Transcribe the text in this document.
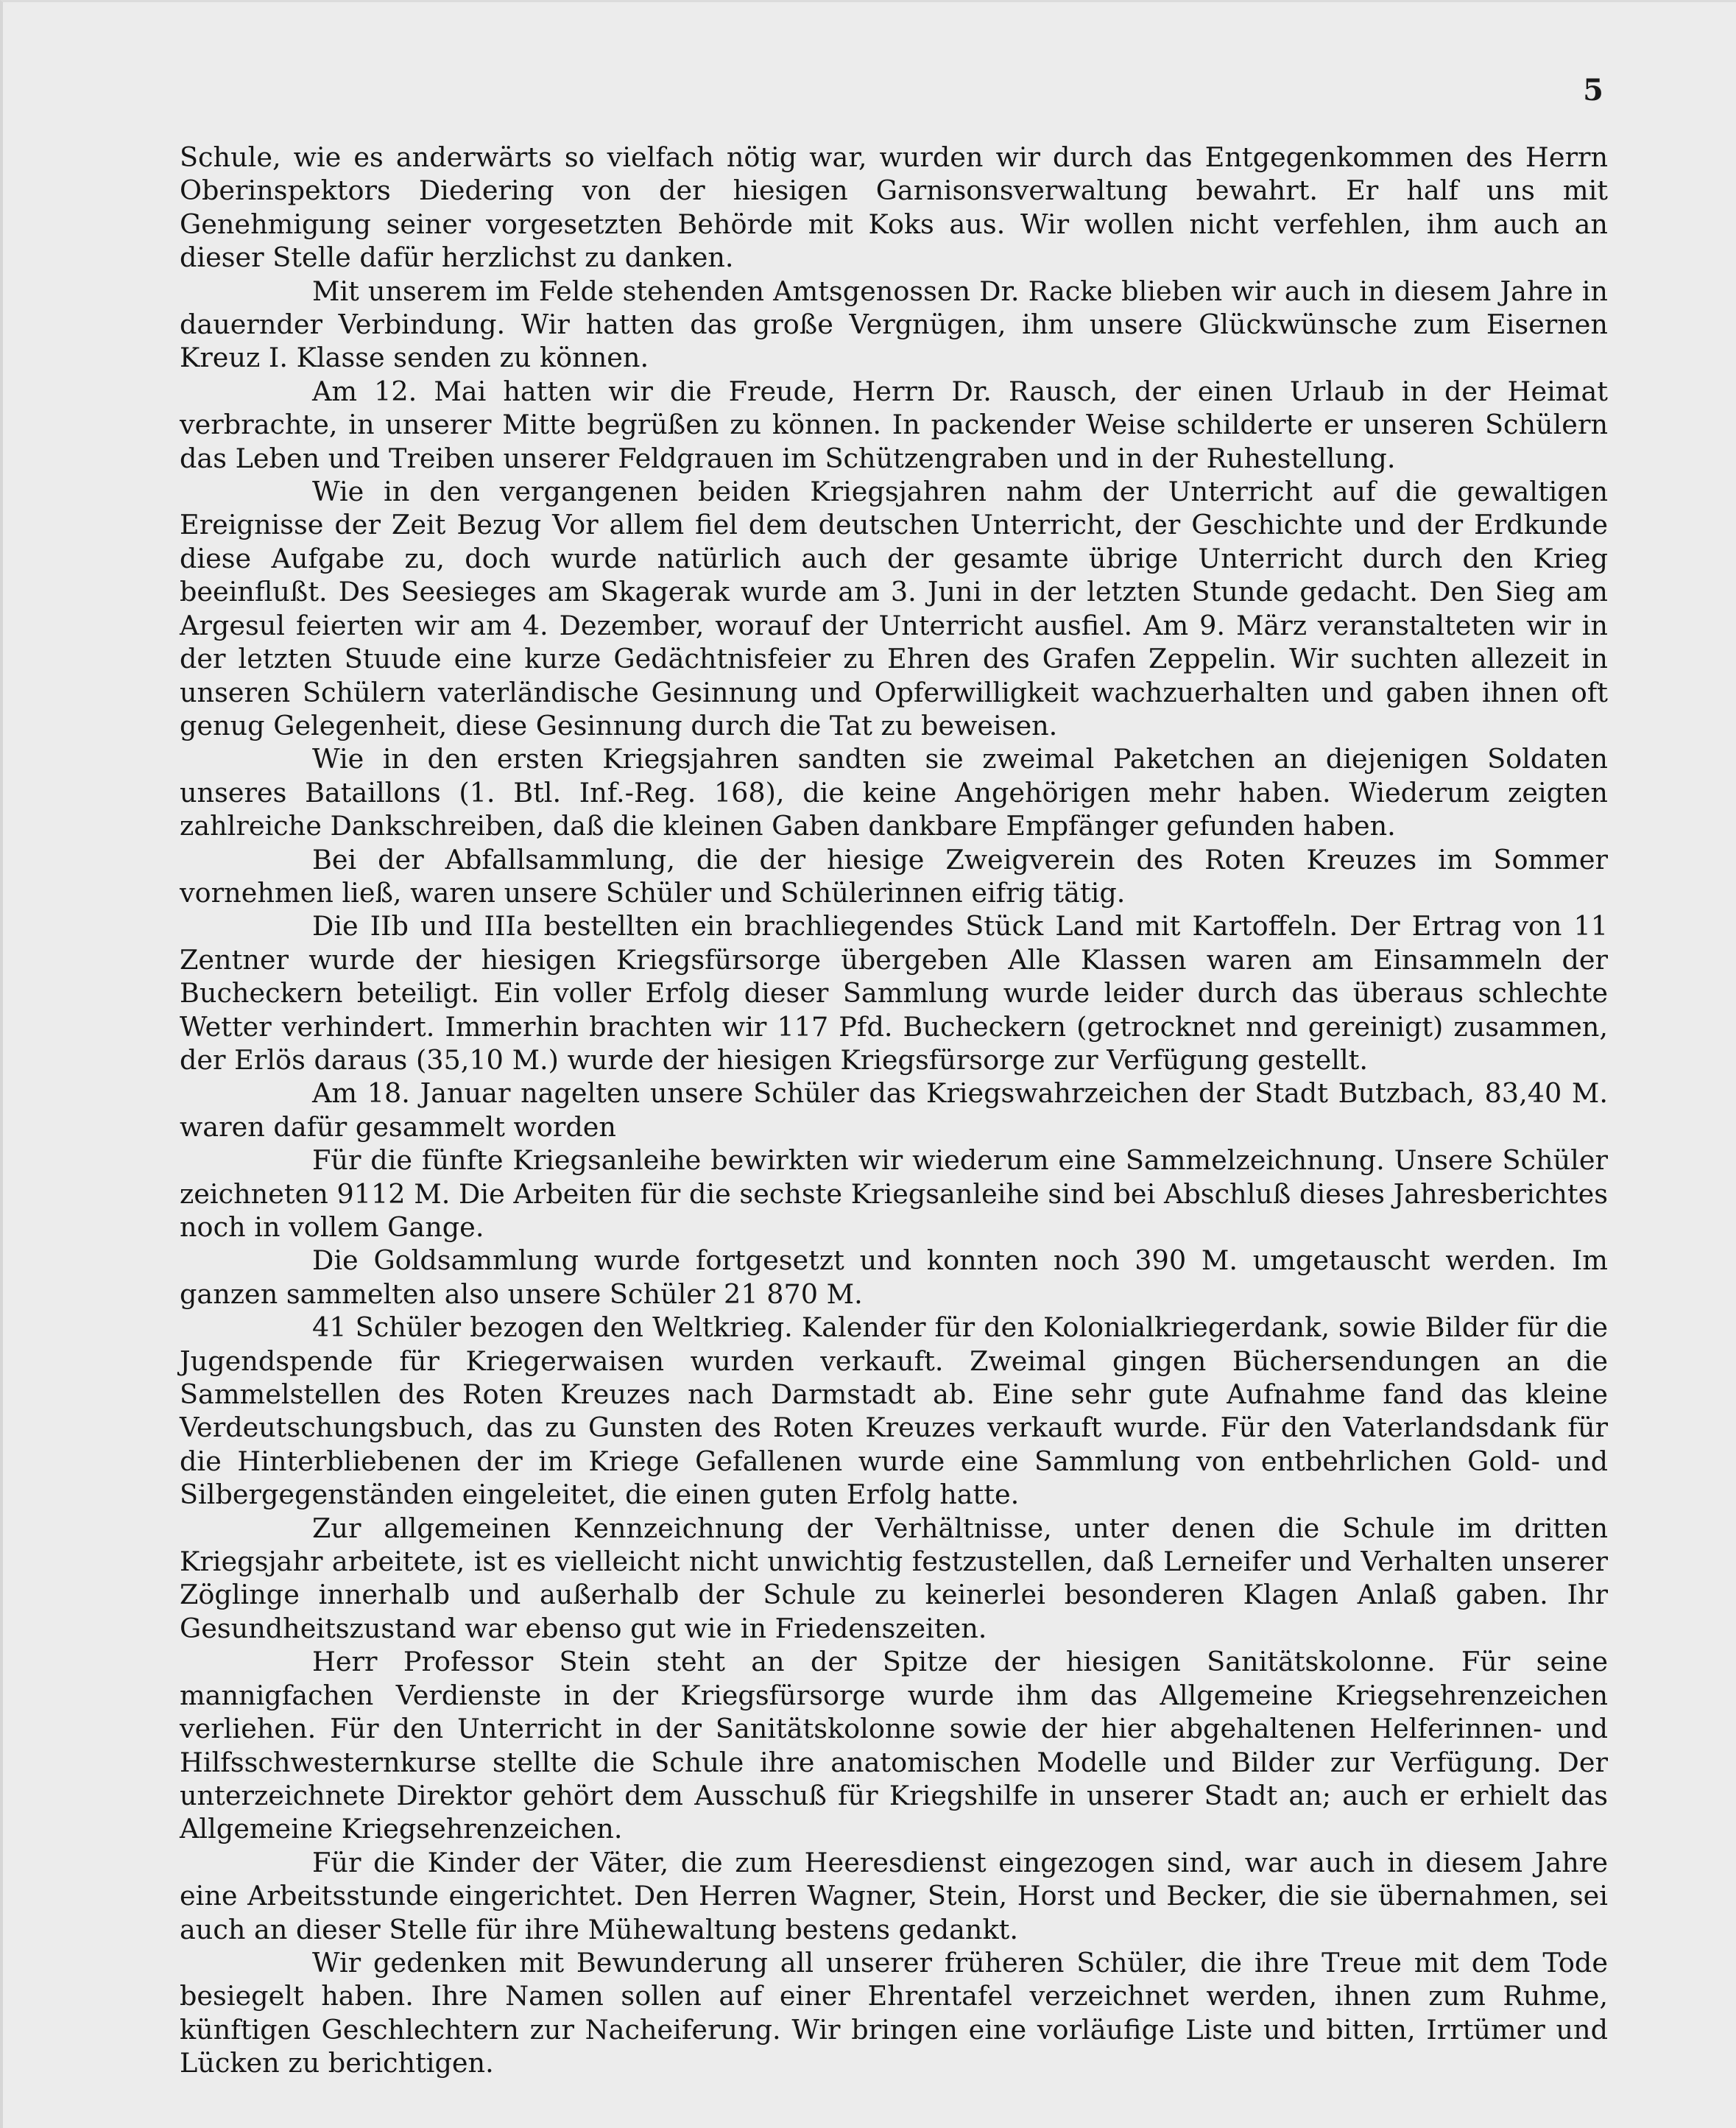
5

Schule, wie es anderwärts so vielfach nötig war, wurden wir durch das Entgegenkommen des Herrn Oberinspektors Diedering von der hiesigen Garnisonsverwaltung bewahrt. Er half uns mit Genehmigung seiner vorgesetzten Behörde mit Koks aus. Wir wollen nicht verfehlen, ihm auch an dieser Stelle dafür herzlichst zu danken.

Mit unserem im Felde stehenden Amtsgenossen Dr. Racke blieben wir auch in diesem Jahre in dauernder Verbindung. Wir hatten das große Vergnügen, ihm unsere Glückwünsche zum Eisernen Kreuz I. Klasse senden zu können.

Am 12. Mai hatten wir die Freude, Herrn Dr. Rausch, der einen Urlaub in der Heimat verbrachte, in unserer Mitte begrüßen zu können. In packender Weise schilderte er unseren Schülern das Leben und Treiben unserer Feldgrauen im Schützengraben und in der Ruhestellung.

Wie in den vergangenen beiden Kriegsjahren nahm der Unterricht auf die gewaltigen Ereignisse der Zeit Bezug Vor allem fiel dem deutschen Unterricht, der Geschichte und der Erdkunde diese Aufgabe zu, doch wurde natürlich auch der gesamte übrige Unterricht durch den Krieg beeinflußt. Des Seesieges am Skagerak wurde am 3. Juni in der letzten Stunde gedacht. Den Sieg am Argesul feierten wir am 4. Dezember, worauf der Unterricht ausfiel. Am 9. März veranstalteten wir in der letzten Stuude eine kurze Gedächtnisfeier zu Ehren des Grafen Zeppelin. Wir suchten allezeit in unseren Schülern vaterländische Gesinnung und Opferwilligkeit wachzuerhalten und gaben ihnen oft genug Gelegenheit, diese Gesinnung durch die Tat zu beweisen.

Wie in den ersten Kriegsjahren sandten sie zweimal Paketchen an diejenigen Soldaten unseres Bataillons (1. Btl. Inf.-Reg. 168), die keine Angehörigen mehr haben. Wiederum zeigten zahlreiche Dankschreiben, daß die kleinen Gaben dankbare Empfänger gefunden haben.

Bei der Abfallsammlung, die der hiesige Zweigverein des Roten Kreuzes im Sommer vornehmen ließ, waren unsere Schüler und Schülerinnen eifrig tätig.

Die IIb und IIIa bestellten ein brachliegendes Stück Land mit Kartoffeln. Der Ertrag von 11 Zentner wurde der hiesigen Kriegsfürsorge übergeben Alle Klassen waren am Einsammeln der Bucheckern beteiligt. Ein voller Erfolg dieser Sammlung wurde leider durch das überaus schlechte Wetter verhindert. Immerhin brachten wir 117 Pfd. Bucheckern (getrocknet nnd gereinigt) zusammen, der Erlös daraus (35,10 M.) wurde der hiesigen Kriegsfürsorge zur Verfügung gestellt.

Am 18. Januar nagelten unsere Schüler das Kriegswahrzeichen der Stadt Butzbach, 83,40 M. waren dafür gesammelt worden

Für die fünfte Kriegsanleihe bewirkten wir wiederum eine Sammelzeichnung. Unsere Schüler zeichneten 9112 M. Die Arbeiten für die sechste Kriegsanleihe sind bei Abschluß dieses Jahresberichtes noch in vollem Gange.

Die Goldsammlung wurde fortgesetzt und konnten noch 390 M. umgetauscht werden. Im ganzen sammelten also unsere Schüler 21 870 M.

41 Schüler bezogen den Weltkrieg. Kalender für den Kolonialkriegerdank, sowie Bilder für die Jugendspende für Kriegerwaisen wurden verkauft. Zweimal gingen Büchersendungen an die Sammelstellen des Roten Kreuzes nach Darmstadt ab. Eine sehr gute Aufnahme fand das kleine Verdeutschungsbuch, das zu Gunsten des Roten Kreuzes verkauft wurde. Für den Vaterlandsdank für die Hinterbliebenen der im Kriege Gefallenen wurde eine Sammlung von entbehrlichen Gold- und Silbergegenständen eingeleitet, die einen guten Erfolg hatte.

Zur allgemeinen Kennzeichnung der Verhältnisse, unter denen die Schule im dritten Kriegsjahr arbeitete, ist es vielleicht nicht unwichtig festzustellen, daß Lerneifer und Verhalten unserer Zöglinge innerhalb und außerhalb der Schule zu keinerlei besonderen Klagen Anlaß gaben. Ihr Gesundheitszustand war ebenso gut wie in Friedenszeiten.

Herr Professor Stein steht an der Spitze der hiesigen Sanitätskolonne. Für seine mannigfachen Verdienste in der Kriegsfürsorge wurde ihm das Allgemeine Kriegsehrenzeichen verliehen. Für den Unterricht in der Sanitätskolonne sowie der hier abgehaltenen Helferinnen- und Hilfsschwesternkurse stellte die Schule ihre anatomischen Modelle und Bilder zur Verfügung. Der unterzeichnete Direktor gehört dem Ausschuß für Kriegshilfe in unserer Stadt an; auch er erhielt das Allgemeine Kriegsehrenzeichen.

Für die Kinder der Väter, die zum Heeresdienst eingezogen sind, war auch in diesem Jahre eine Arbeitsstunde eingerichtet. Den Herren Wagner, Stein, Horst und Becker, die sie übernahmen, sei auch an dieser Stelle für ihre Mühewaltung bestens gedankt.

Wir gedenken mit Bewunderung all unserer früheren Schüler, die ihre Treue mit dem Tode besiegelt haben. Ihre Namen sollen auf einer Ehrentafel verzeichnet werden, ihnen zum Ruhme, künftigen Geschlechtern zur Nacheiferung. Wir bringen eine vorläufige Liste und bitten, Irrtümer und Lücken zu berichtigen.
